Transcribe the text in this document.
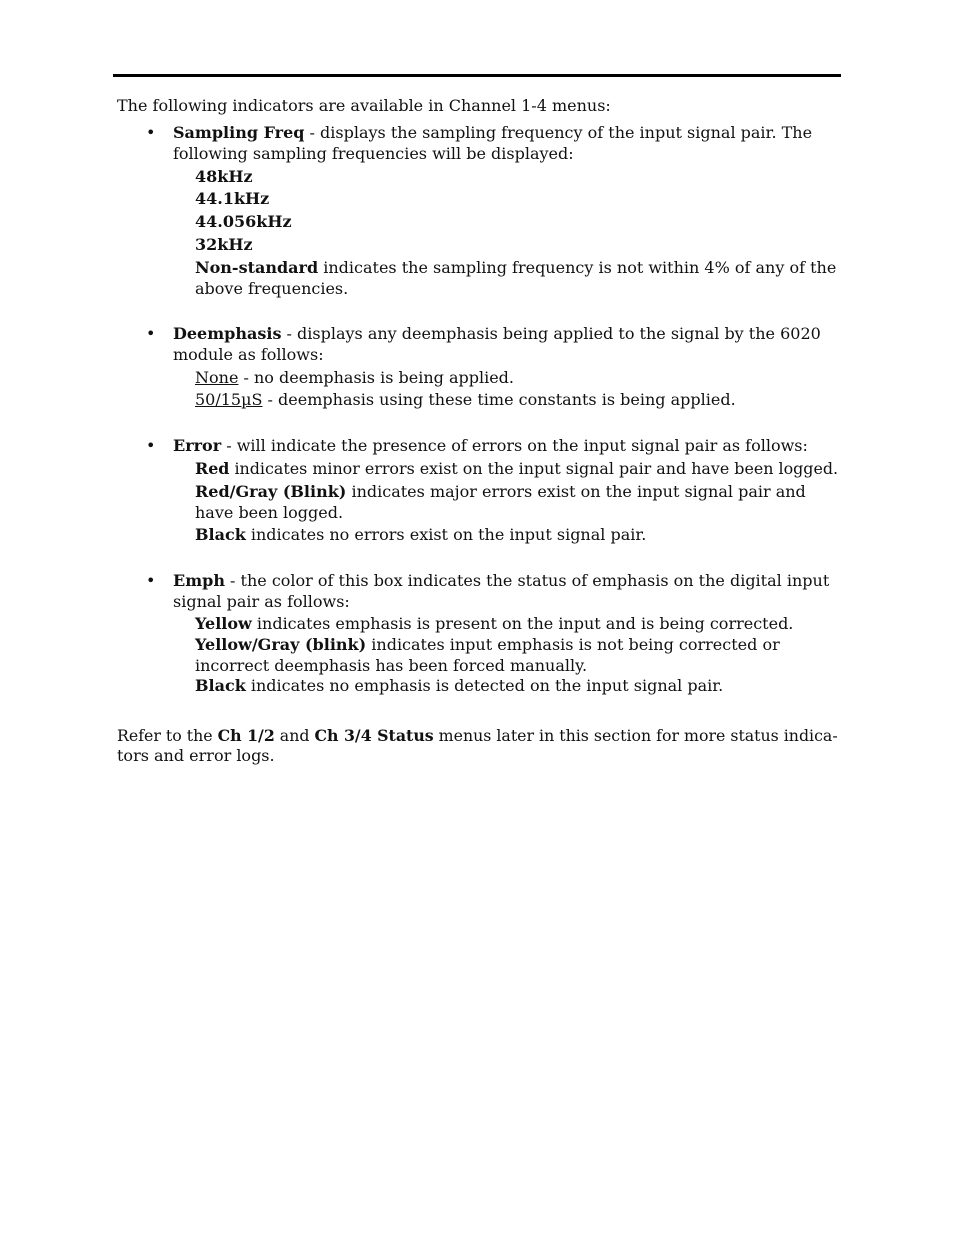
The following indicators are available in Channel 1-4 menus:
• Sampling Freq - displays the sampling frequency of the input signal pair. The
following sampling frequencies will be displayed:
48kHz
44.1kHz
44.056kHz
32kHz
Non-standard indicates the sampling frequency is not within 4% of any of the
above frequencies.
• Deemphasis - displays any deemphasis being applied to the signal by the 6020
module as follows:
None - no deemphasis is being applied.
50/15µS - deemphasis using these time constants is being applied.
• Error - will indicate the presence of errors on the input signal pair as follows:
Red indicates minor errors exist on the input signal pair and have been logged.
Red/Gray (Blink) indicates major errors exist on the input signal pair and
have been logged.
Black indicates no errors exist on the input signal pair.
• Emph - the color of this box indicates the status of emphasis on the digital input
signal pair as follows:
Yellow indicates emphasis is present on the input and is being corrected.
Yellow/Gray (blink) indicates input emphasis is not being corrected or
incorrect deemphasis has been forced manually.
Black indicates no emphasis is detected on the input signal pair.
Refer to the Ch 1/2 and Ch 3/4 Status menus later in this section for more status indica-
tors and error logs.
